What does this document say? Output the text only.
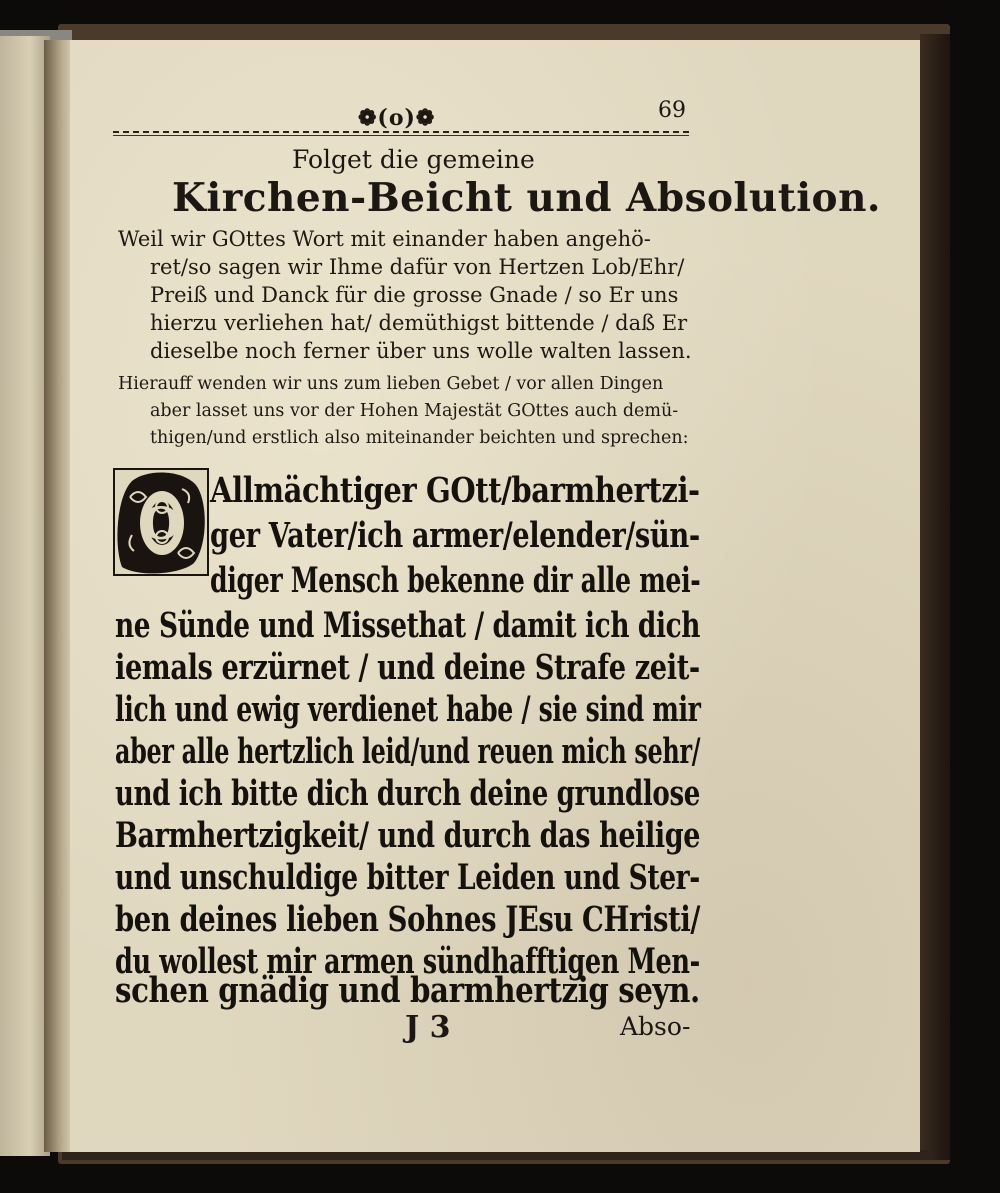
❁(o)❁	69
Folget die gemeine
Kirchen-Beicht und Absolution.
Weil wir GOttes Wort mit einander haben angehö-
ret/so sagen wir Ihme dafür von Hertzen Lob/Ehr/
Preiß und Danck für die grosse Gnade / so Er uns
hierzu verliehen hat/ demüthigst bittende / daß Er
dieselbe noch ferner über uns wolle walten lassen.
Hierauff wenden wir uns zum lieben Gebet / vor allen Dingen
aber lasset uns vor der Hohen Majestät GOttes auch demü-
thigen/und erstlich also miteinander beichten und sprechen:
O
Allmächtiger GOtt/barmhertzi-
ger Vater/ich armer/elender/sün-
diger Mensch bekenne dir alle mei-
ne Sünde und Missethat / damit ich dich
iemals erzürnet / und deine Strafe zeit-
lich und ewig verdienet habe / sie sind mir
aber alle hertzlich leid/und reuen mich sehr/
und ich bitte dich durch deine grundlose
Barmhertzigkeit/ und durch das heilige
und unschuldige bitter Leiden und Ster-
ben deines lieben Sohnes JEsu CHristi/
du wollest mir armen sündhafftigen Men-
schen gnädig und barmhertzig seyn.
J 3	Abso-
